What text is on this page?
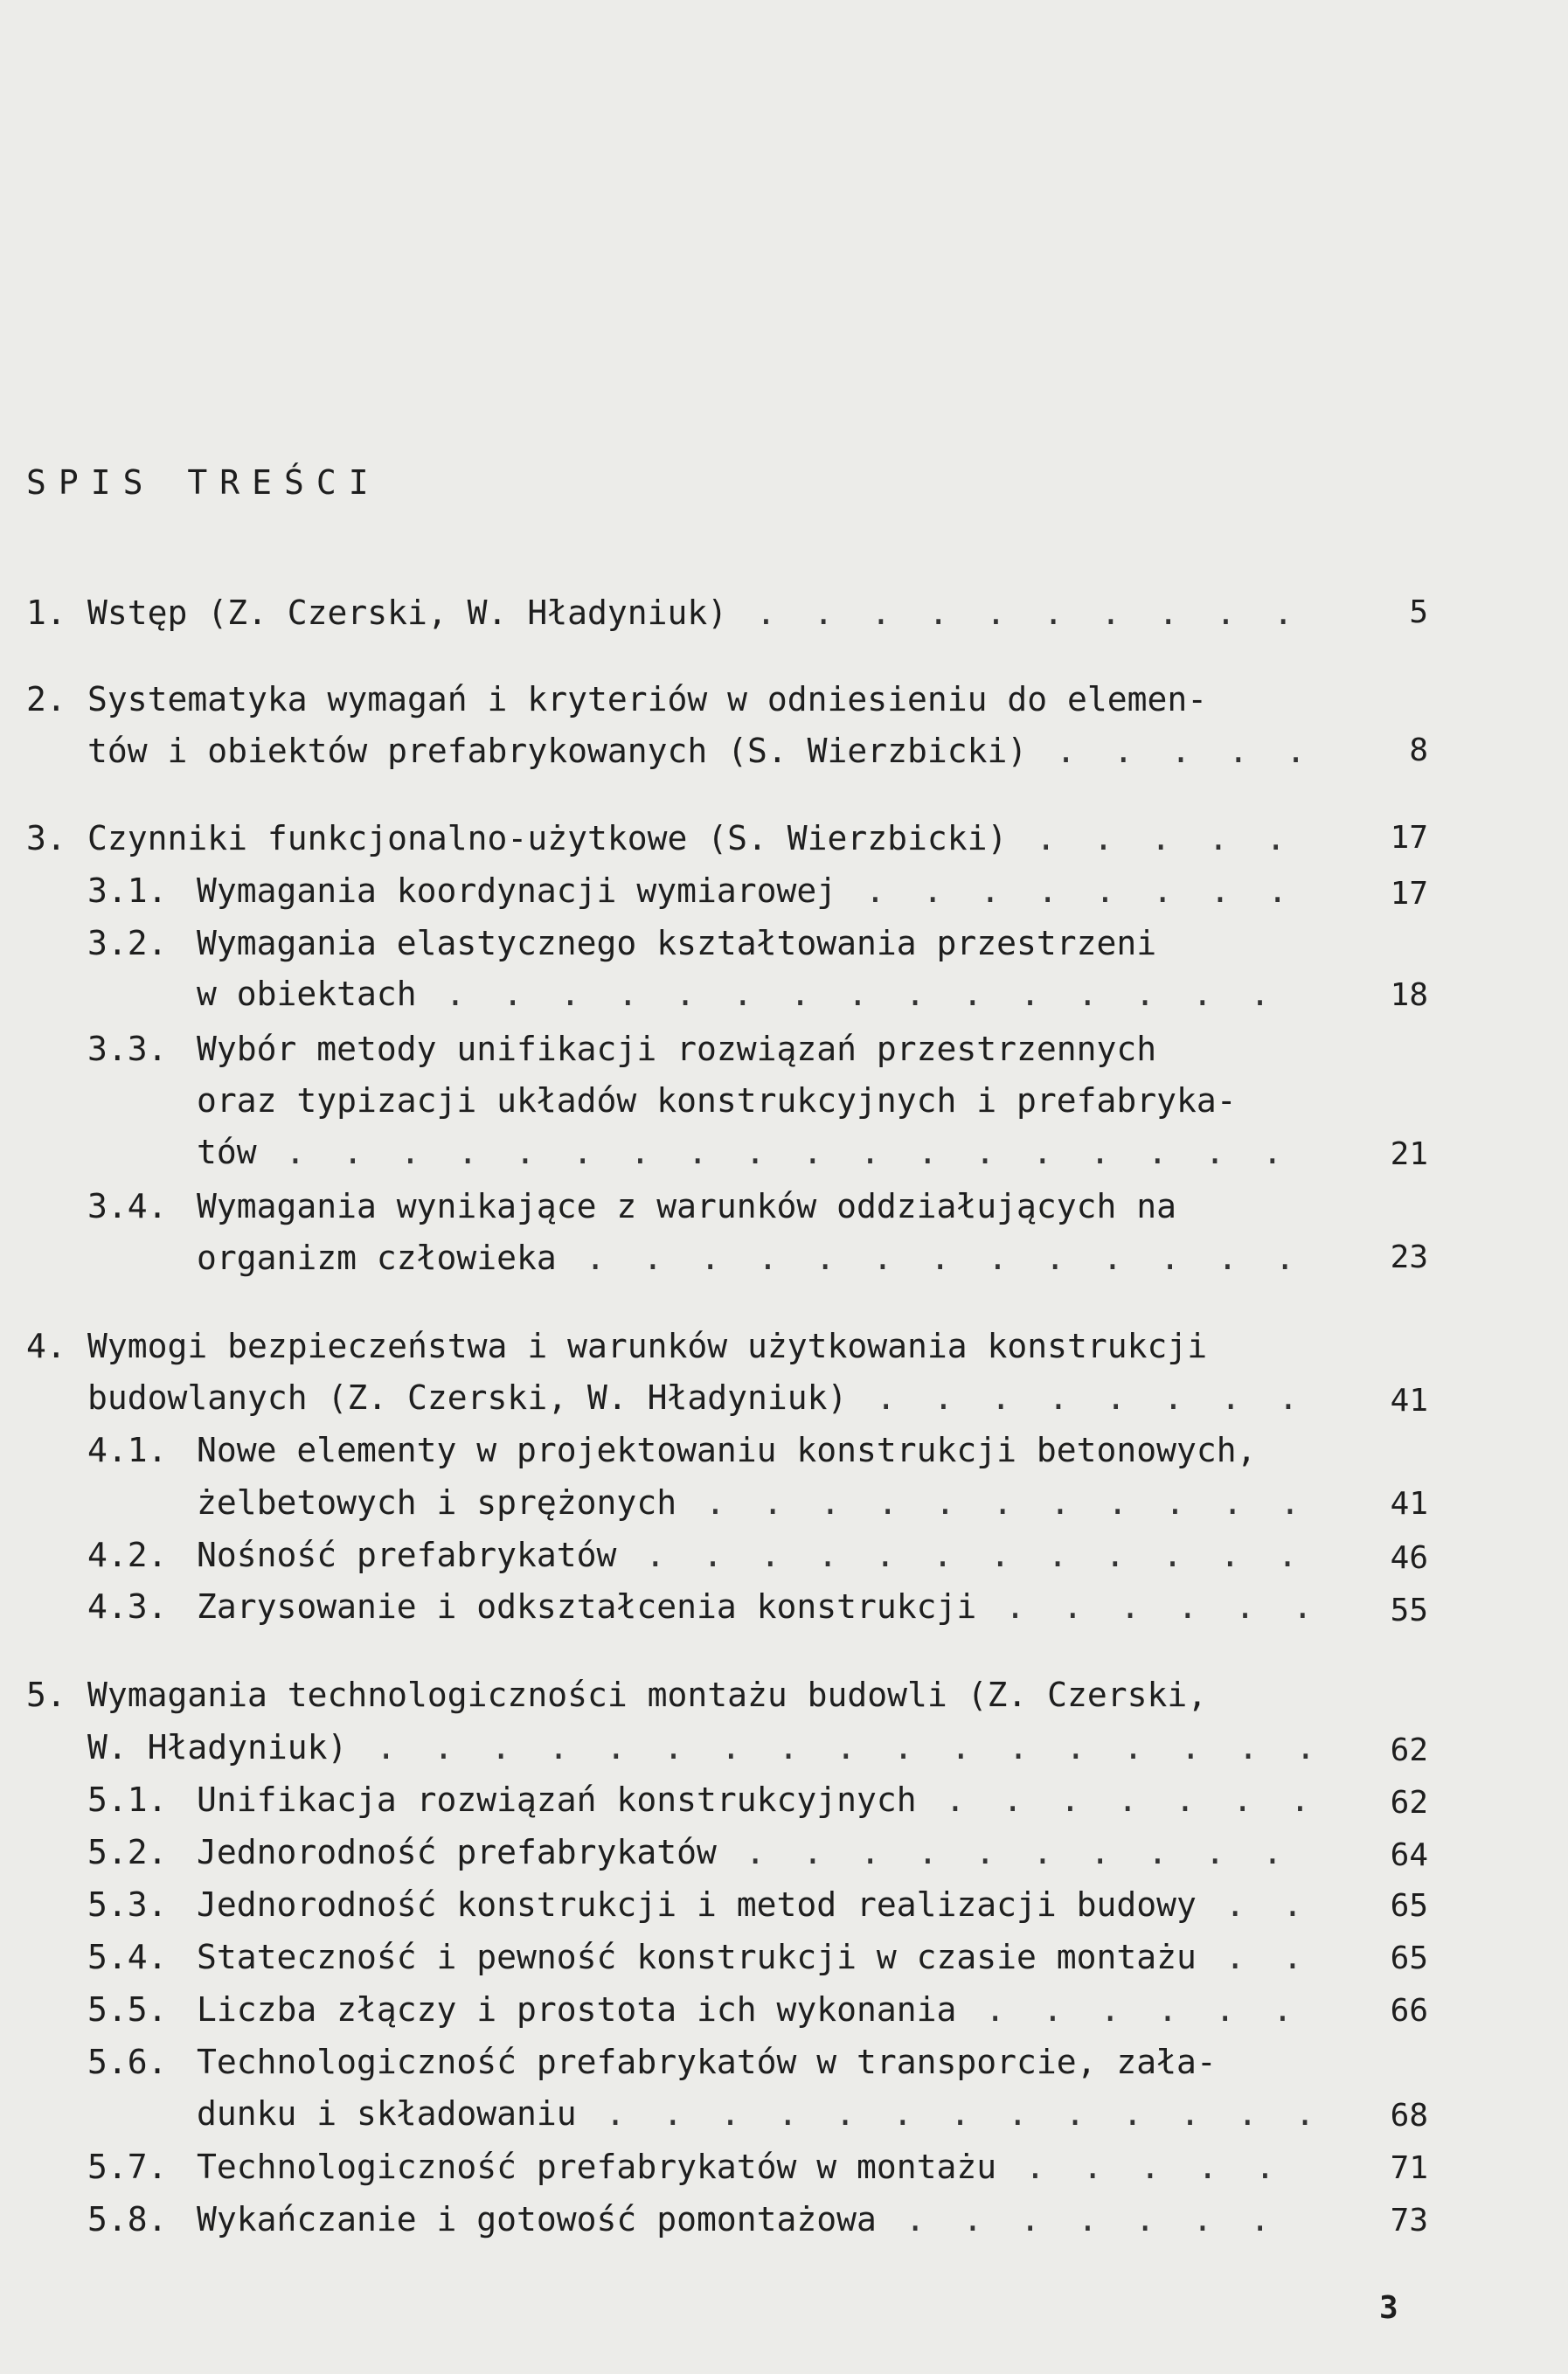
SPIS TREŚCI
1. Wstęp (Z. Czerski, W. Hładyniuk) . . .	5
2. Systematyka wymagań i kryteriów w odniesieniu do elemen-
tów i obiektów prefabrykowanych (S. Wierzbicki) . . .	8
3. Czynniki funkcjonalno-użytkowe (S. Wierzbicki) . . .	17
3.1. Wymagania koordynacji wymiarowej . . .	17
3.2. Wymagania elastycznego kształtowania przestrzeni
w obiektach . . .	18
3.3. Wybór metody unifikacji rozwiązań przestrzennych
oraz typizacji układów konstrukcyjnych i prefabryka-
tów . . .	21
3.4. Wymagania wynikające z warunków oddziałujących na
organizm człowieka . . .	23
4. Wymogi bezpieczeństwa i warunków użytkowania konstrukcji
budowlanych (Z. Czerski, W. Hładyniuk) . . .	41
4.1. Nowe elementy w projektowaniu konstrukcji betonowych,
żelbetowych i sprężonych . . .	41
4.2. Nośność prefabrykatów . . .	46
4.3. Zarysowanie i odkształcenia konstrukcji . . .	55
5. Wymagania technologiczności montażu budowli (Z. Czerski,
W. Hładyniuk) . . .	62
5.1. Unifikacja rozwiązań konstrukcyjnych . . .	62
5.2. Jednorodność prefabrykatów . . .	64
5.3. Jednorodność konstrukcji i metod realizacji budowy . . .	65
5.4. Stateczność i pewność konstrukcji w czasie montażu . . .	65
5.5. Liczba złączy i prostota ich wykonania . . .	66
5.6. Technologiczność prefabrykatów w transporcie, zała-
dunku i składowaniu . . .	68
5.7. Technologiczność prefabrykatów w montażu . . .	71
5.8. Wykańczanie i gotowość pomontażowa . . .	73
3
